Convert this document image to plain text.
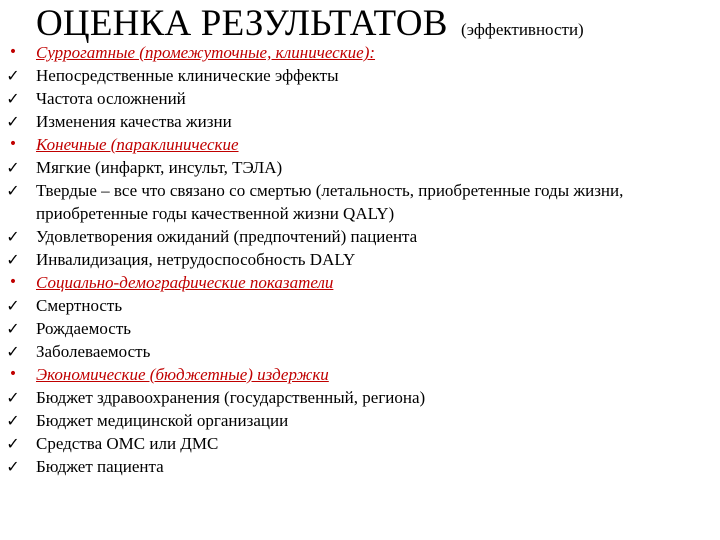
ОЦЕНКА РЕЗУЛЬТАТОВ (эффективности)
•	Суррогатные (промежуточные, клинические):
✓ Непосредственные клинические эффекты
✓ Частота осложнений
✓ Изменения качества жизни
•	Конечные (параклинические
✓ Мягкие (инфаркт, инсульт, ТЭЛА)
✓ Твердые – все что связано со смертью (летальность, приобретенные годы жизни, приобретенные годы качественной жизни QALY)
✓ Удовлетворения ожиданий (предпочтений) пациента
✓ Инвалидизация, нетрудоспособность DALY
•	Социально-демографические показатели
✓ Смертность
✓ Рождаемость
✓ Заболеваемость
•	Экономические (бюджетные) издержки
✓ Бюджет здравоохранения (государственный, региона)
✓ Бюджет медицинской организации
✓ Средства ОМС или ДМС
✓ Бюджет пациента
